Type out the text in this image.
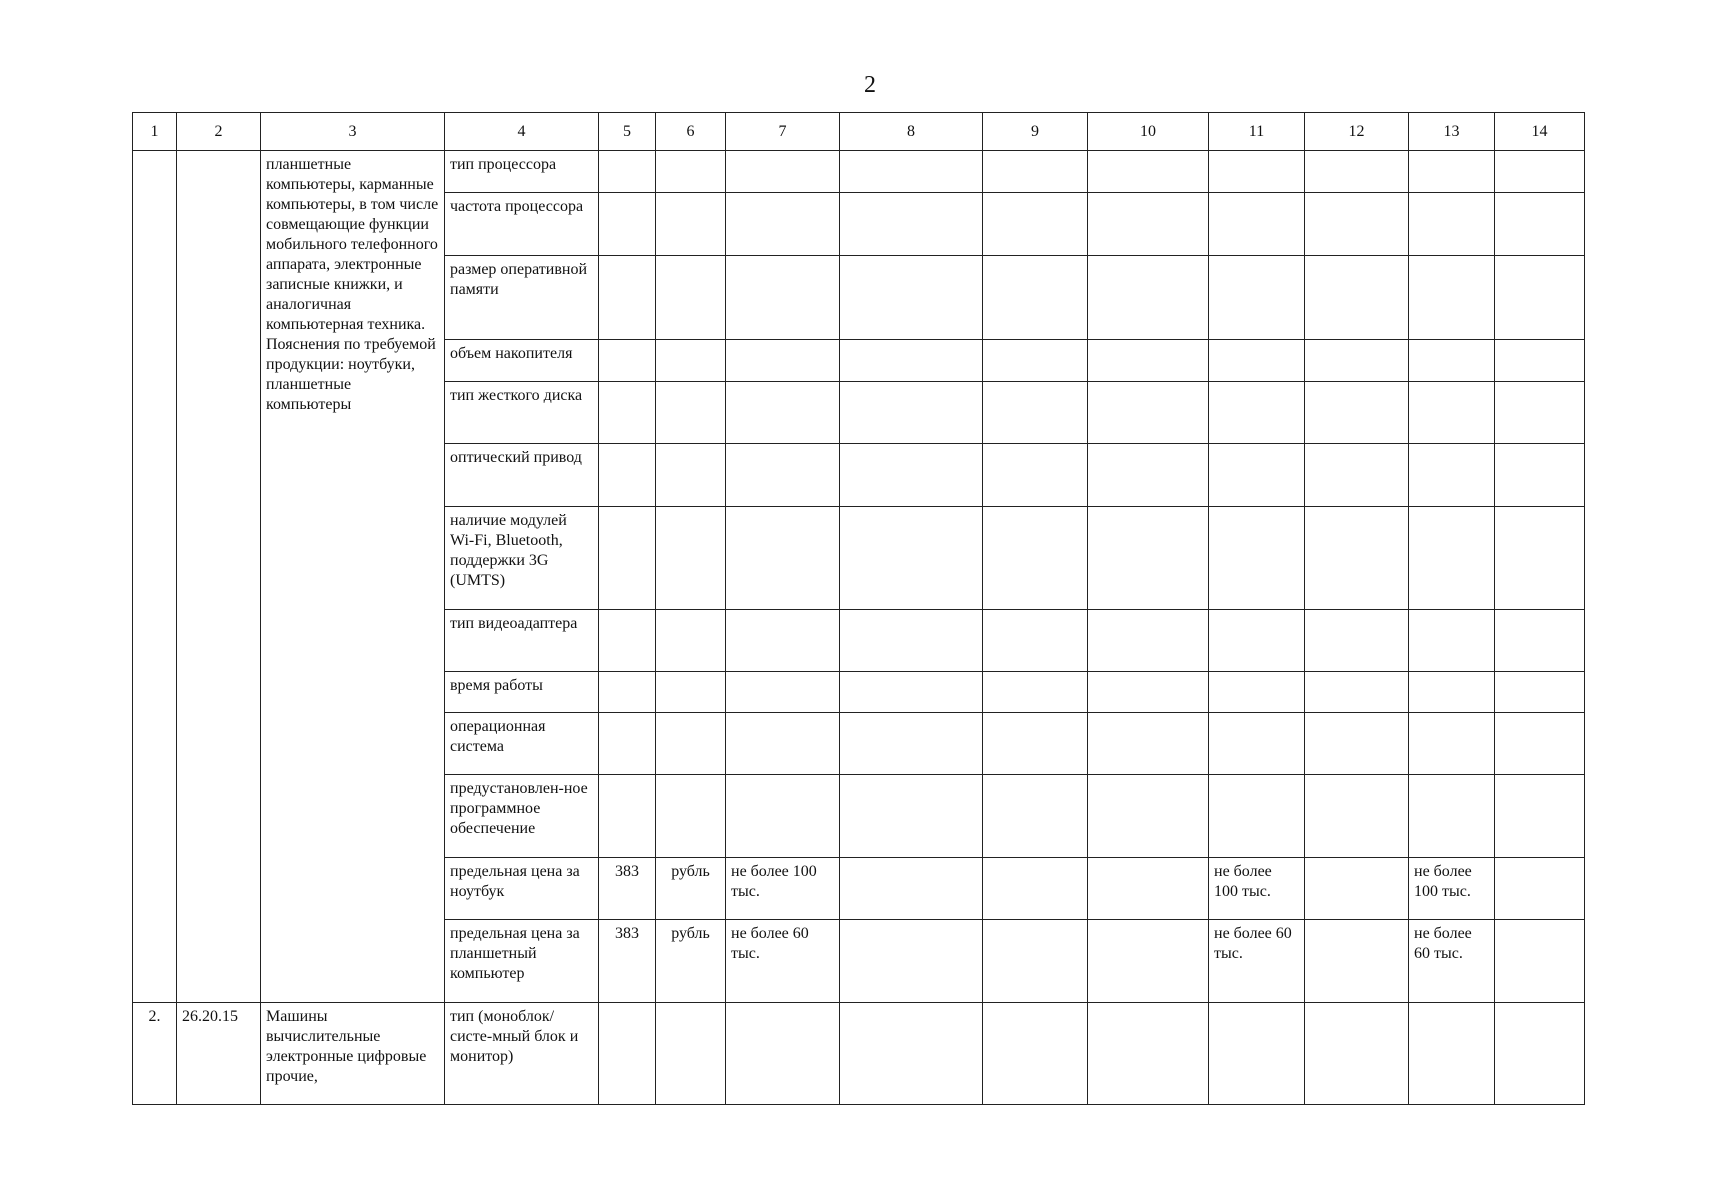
2
1	2	3	4	5	6	7	8	9	10	11	12	13	14
		планшетные компьютеры, карманные компьютеры, в том числе совмещающие функции мобильного телефонного аппарата, электронные записные книжки, и аналогичная компьютерная техника. Пояснения по требуемой продукции: ноутбуки, планшетные компьютеры	тип процессора										
			частота процессора										
			размер оперативной памяти										
			объем накопителя										
			тип жесткого диска										
			оптический привод										
			наличие модулей Wi-Fi, Bluetooth, поддержки 3G (UMTS)										
			тип видеоадаптера										
			время работы										
			операционная система										
			предустановлен-ное программное обеспечение										
			предельная цена за ноутбук	383	рубль	не более 100 тыс.				не более 100 тыс.		не более 100 тыс.	
			предельная цена за планшетный компьютер	383	рубль	не более 60 тыс.				не более 60 тыс.		не более 60 тыс.	
2.	26.20.15	Машины вычислительные электронные цифровые прочие,	тип (моноблок/систе-мный блок и монитор)										
